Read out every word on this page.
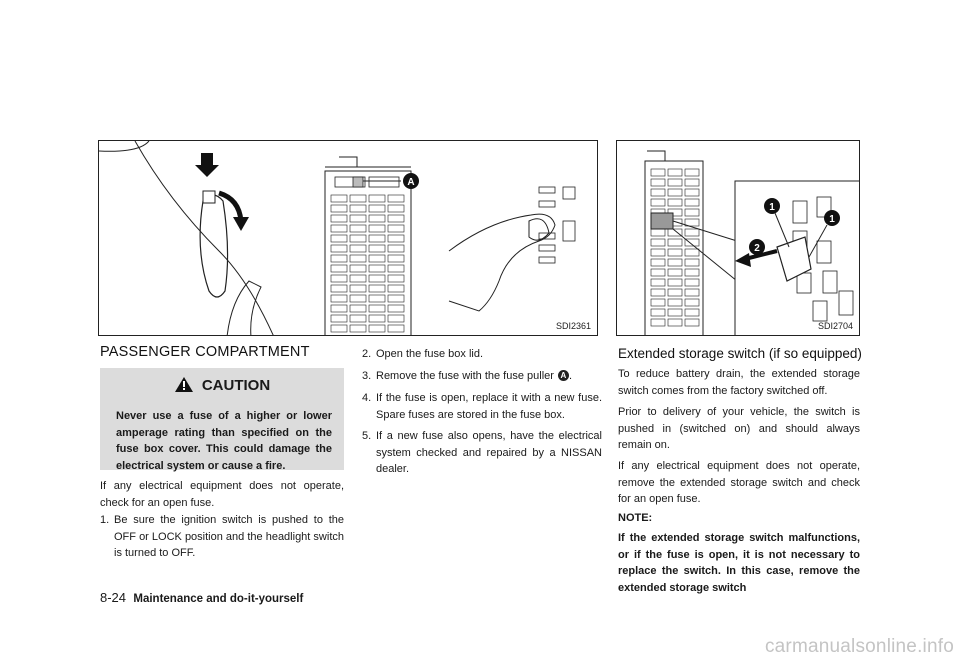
A
SDI2361
1
1
2
SDI2704
PASSENGER COMPARTMENT
CAUTION
Never use a fuse of a higher or lower amperage rating than specified on the fuse box cover. This could damage the electrical system or cause a fire.
If any electrical equipment does not operate, check for an open fuse.
1. Be sure the ignition switch is pushed to the OFF or LOCK position and the headlight switch is turned to OFF.
2. Open the fuse box lid.
3. Remove the fuse with the fuse puller A .
4. If the fuse is open, replace it with a new fuse. Spare fuses are stored in the fuse box.
5. If a new fuse also opens, have the electrical system checked and repaired by a NISSAN dealer.
Extended storage switch (if so equipped)
To reduce battery drain, the extended storage switch comes from the factory switched off.
Prior to delivery of your vehicle, the switch is pushed in (switched on) and should always remain on.
If any electrical equipment does not operate, remove the extended storage switch and check for an open fuse.
NOTE:
If the extended storage switch malfunctions, or if the fuse is open, it is not necessary to replace the switch. In this case, remove the extended storage switch
8-24 Maintenance and do-it-yourself
carmanualsonline.info
